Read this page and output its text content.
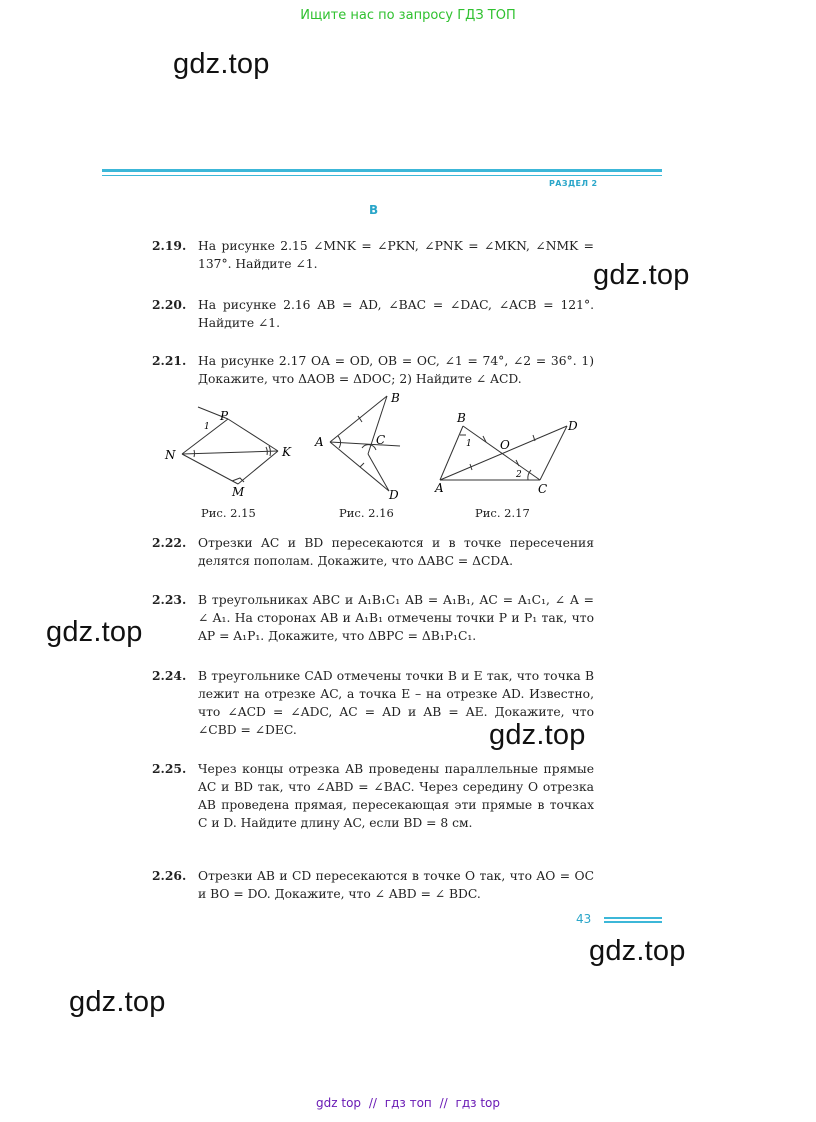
Ищите нас по запросу ГДЗ ТОП
gdz.top
gdz.top
gdz.top
gdz.top
gdz.top
gdz.top
РАЗДЕЛ 2
В
2.19. На рисунке 2.15 ∠MNK = ∠PKN, ∠PNK = ∠MKN, ∠NMK = 137°. Найдите ∠1.
2.20. На рисунке 2.16 AB = AD, ∠BAC = ∠DAC, ∠ACB = 121°. Найдите ∠1.
2.21. На рисунке 2.17 OA = OD, OB = OC, ∠1 = 74°, ∠2 = 36°. 1) Докажите, что ΔAOB = ΔDOC; 2) Найдите ∠ ACD.
P
1
N	K
M
Рис. 2.15
A
B
C
D
Рис. 2.16
B
D
O
1
2
A	C
Рис. 2.17
2.22. Отрезки AC и BD пересекаются и в точке пересечения делятся пополам. Докажите, что ΔABC = ΔCDA.
2.23. В треугольниках ABC и A₁B₁C₁ AB = A₁B₁, AC = A₁C₁, ∠ A = ∠ A₁. На сторонах AB и A₁B₁ отмечены точки P и P₁ так, что AP = A₁P₁. Докажите, что ΔBPC = ΔB₁P₁C₁.
2.24. В треугольнике CAD отмечены точки B и E так, что точка B лежит на отрезке AC, а точка E – на отрезке AD. Известно, что ∠ACD = ∠ADC, AC = AD и AB = AE. Докажите, что ∠CBD = ∠DEC.
2.25. Через концы отрезка AB проведены параллельные прямые AC и BD так, что ∠ABD = ∠BAC. Через середину O отрезка AB проведена прямая, пересекающая эти прямые в точках C и D. Найдите длину AC, если BD = 8 см.
2.26. Отрезки AB и CD пересекаются в точке O так, что AO = OC и BO = DO. Докажите, что ∠ ABD = ∠ BDC.
43
gdz top // гдз топ // гдз top
